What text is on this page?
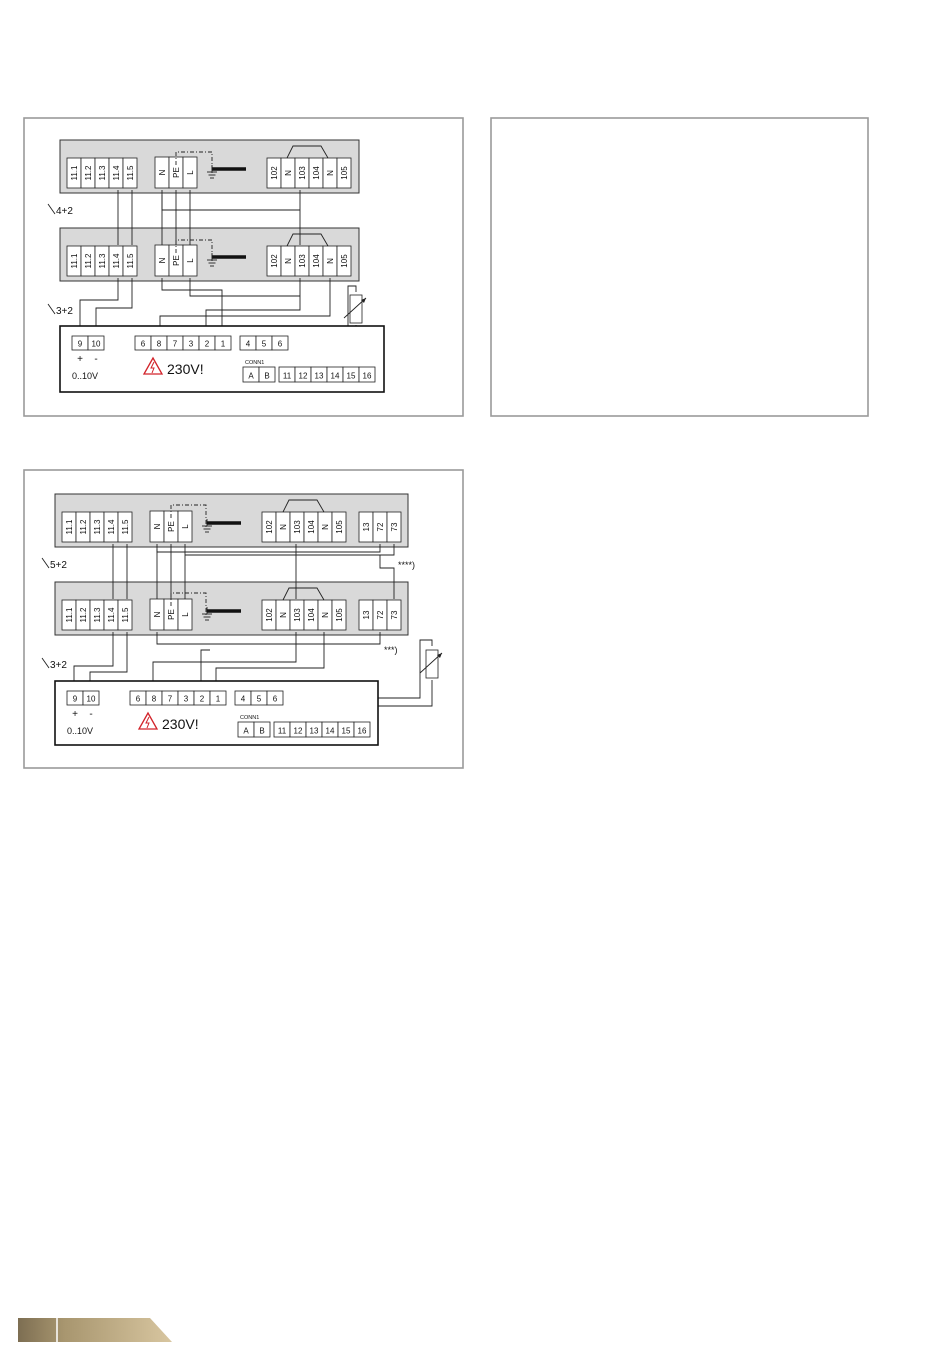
11.1 11.2 11.3 11.4 11.5	N PE L	102 N 103 104 N 105
11.1 11.2 11.3 11.4 11.5	N PE L	102 N 103 104 N 105
4+2
3+2
9 10
+ -
0..10V
6 8 7 3 2 1	4 5 6
230V!	CONN1
A B 11 12 13 14 15 16
11.1 11.2 11.3 11.4 11.5	N PE L	102 N 103 104 N 105 13 72 73
11.1 11.2 11.3 11.4 11.5	N PE L	102 N 103 104 N 105 13 72 73
5+2
3+2
****)
***)
9 10
+ -
0..10V
6 8 7 3 2 1	4 5 6
230V!	CONN1
A B 11 12 13 14 15 16
